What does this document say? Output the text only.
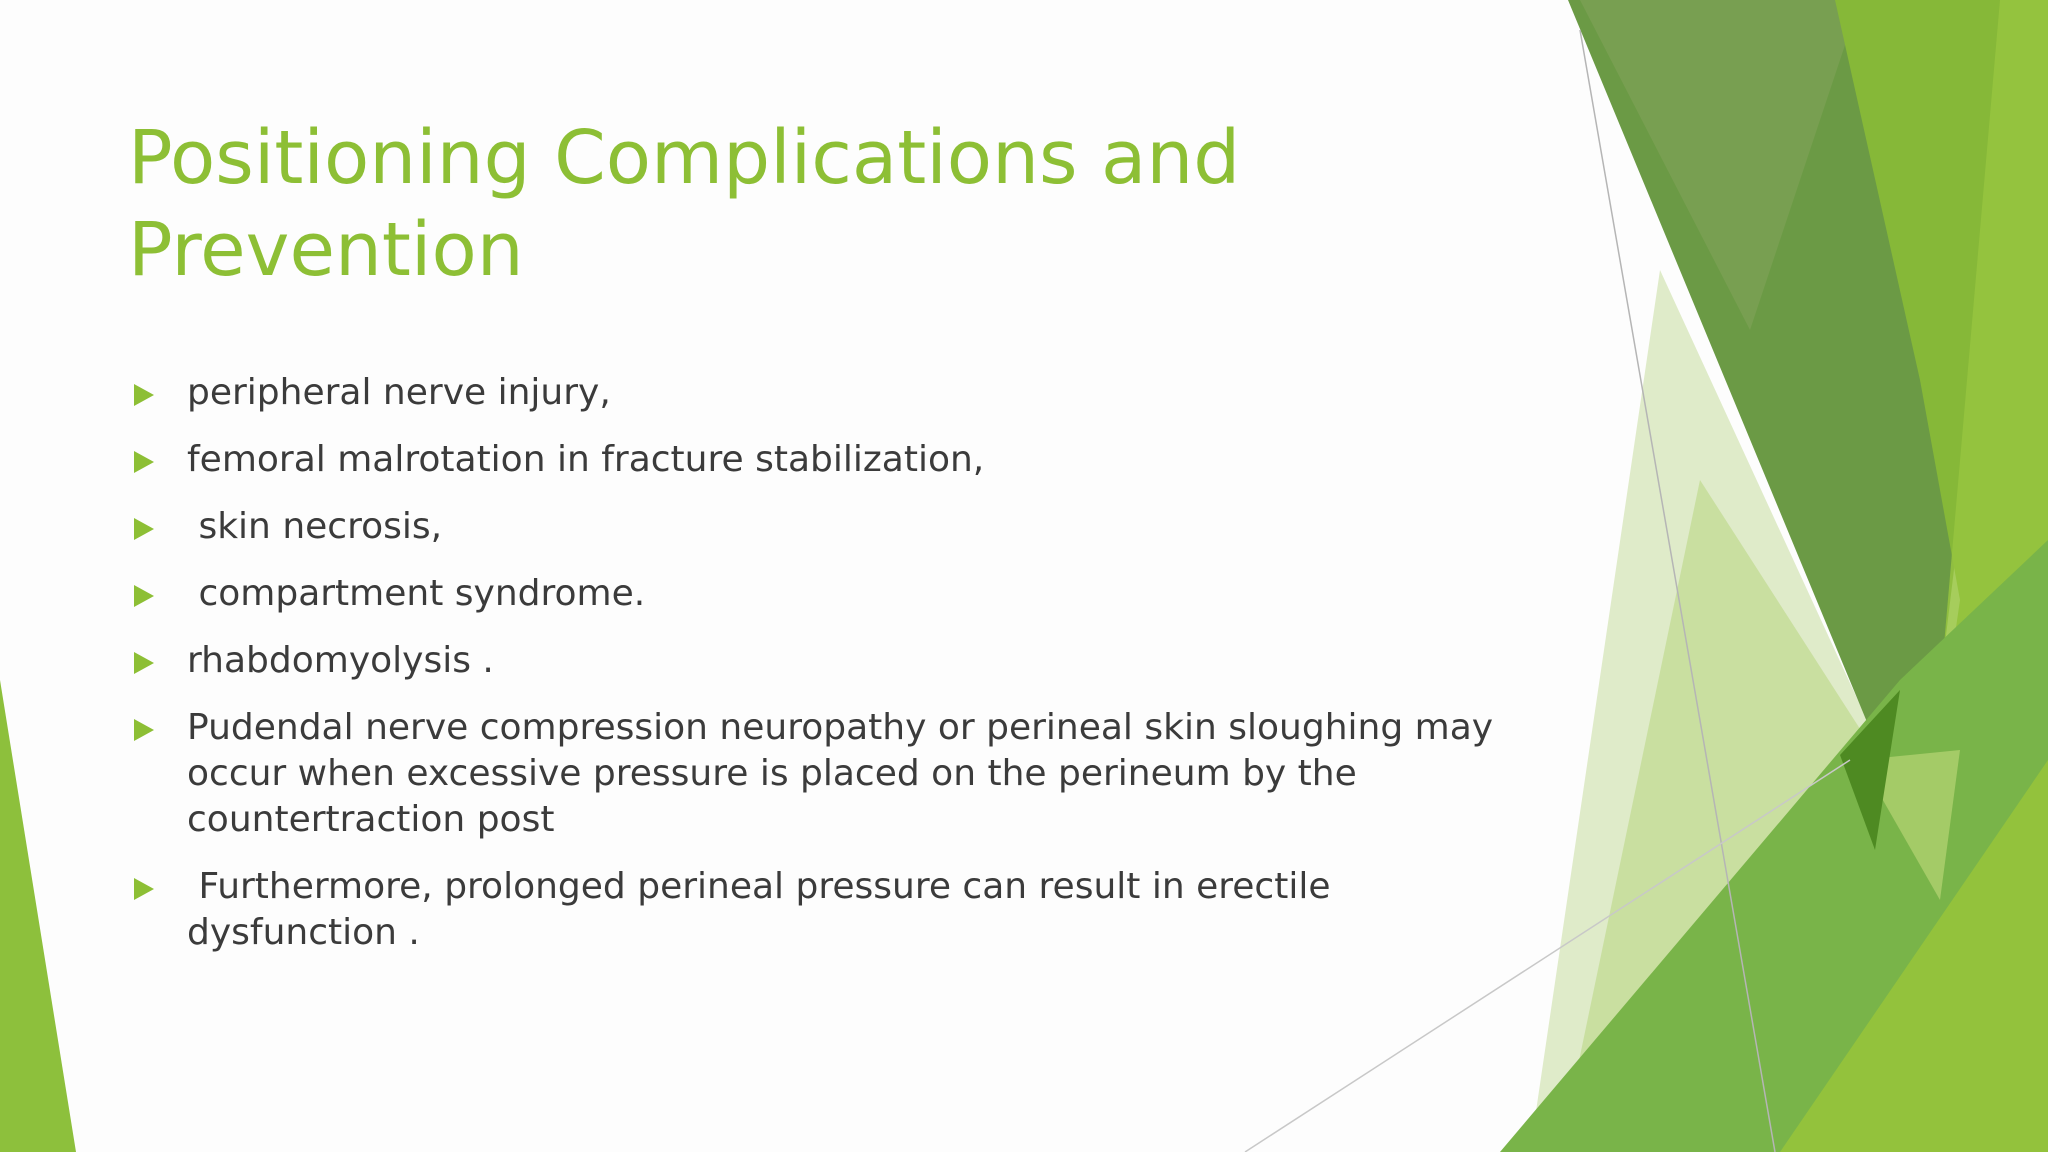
Positioning Complications and
Prevention
peripheral nerve injury,
femoral malrotation in fracture stabilization,
skin necrosis,
compartment syndrome.
rhabdomyolysis .
Pudendal nerve compression neuropathy or perineal skin sloughing may occur when excessive pressure is placed on the perineum by the countertraction post
Furthermore, prolonged perineal pressure can result in erectile dysfunction .
